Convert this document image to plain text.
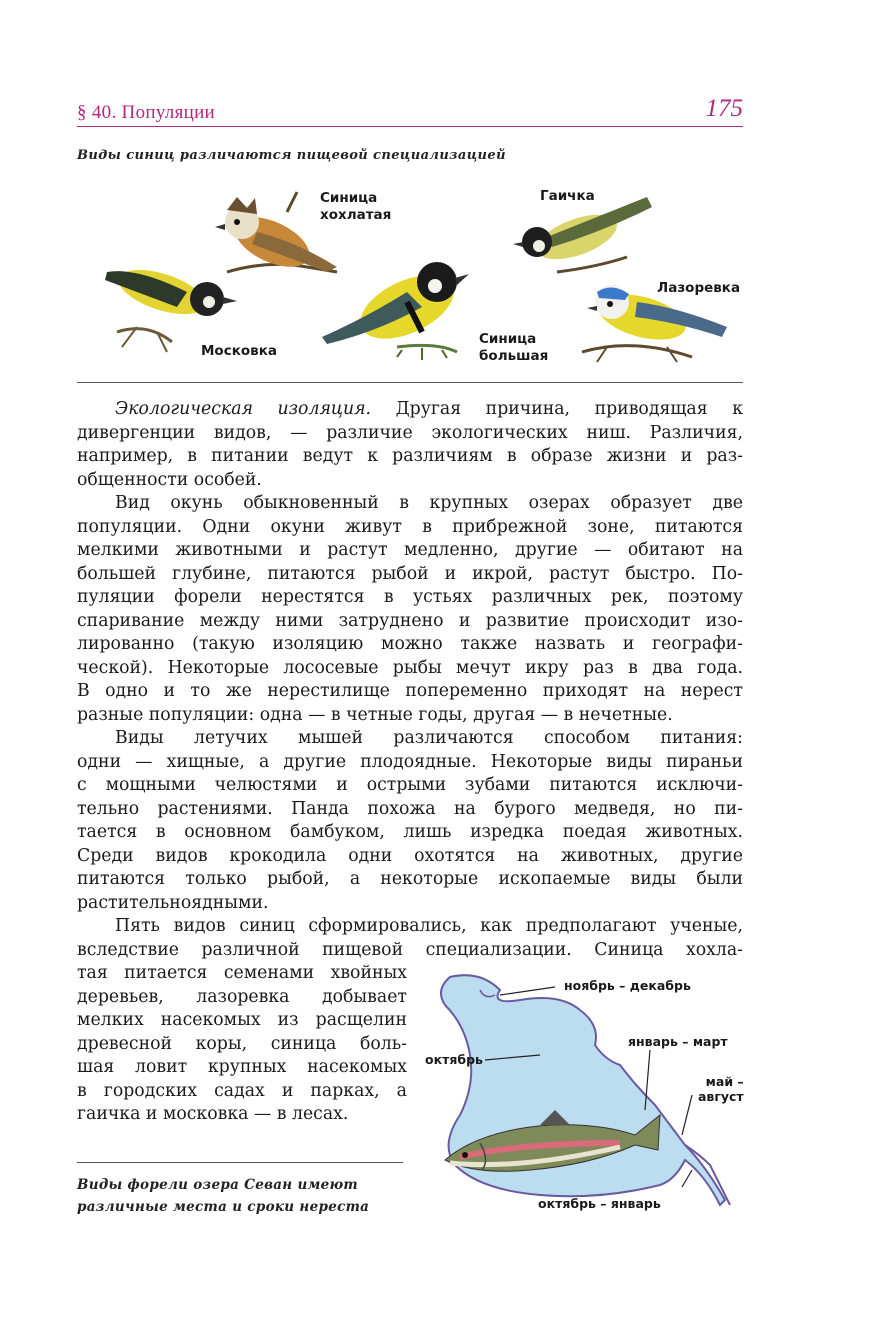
§ 40. Популяции	175
Виды синиц различаются пищевой специализацией
Синица
хохлатая
Гаичка
Лазоревка
Московка
Синица
большая
Экологическая изоляция. Другая причина, приводящая к
дивергенции видов, — различие экологических ниш. Различия,
например, в питании ведут к различиям в образе жизни и раз-
общенности особей.
Вид окунь обыкновенный в крупных озерах образует две
популяции. Одни окуни живут в прибрежной зоне, питаются
мелкими животными и растут медленно, другие — обитают на
большей глубине, питаются рыбой и икрой, растут быстро. По-
пуляции форели нерестятся в устьях различных рек, поэтому
спаривание между ними затруднено и развитие происходит изо-
лированно (такую изоляцию можно также назвать и географи-
ческой). Некоторые лососевые рыбы мечут икру раз в два года.
В одно и то же нерестилище попеременно приходят на нерест
разные популяции: одна — в четные годы, другая — в нечетные.
Виды летучих мышей различаются способом питания:
одни — хищные, а другие плодоядные. Некоторые виды пираньи
с мощными челюстями и острыми зубами питаются исключи-
тельно растениями. Панда похожа на бурого медведя, но пи-
тается в основном бамбуком, лишь изредка поедая животных.
Среди видов крокодила одни охотятся на животных, другие
питаются только рыбой, а некоторые ископаемые виды были
растительноядными.
Пять видов синиц сформировались, как предполагают ученые,
вследствие различной пищевой специализации. Синица хохла-
тая питается семенами хвойных
деревьев, лазоревка добывает
мелких насекомых из расщелин
древесной коры, синица боль-
шая ловит крупных насекомых
в городских садах и парках, а
гаичка и московка — в лесах.
ноябрь – декабрь
январь – март
октябрь
май –
август
октябрь – январь
Виды форели озера Севан имеют
различные места и сроки нереста
